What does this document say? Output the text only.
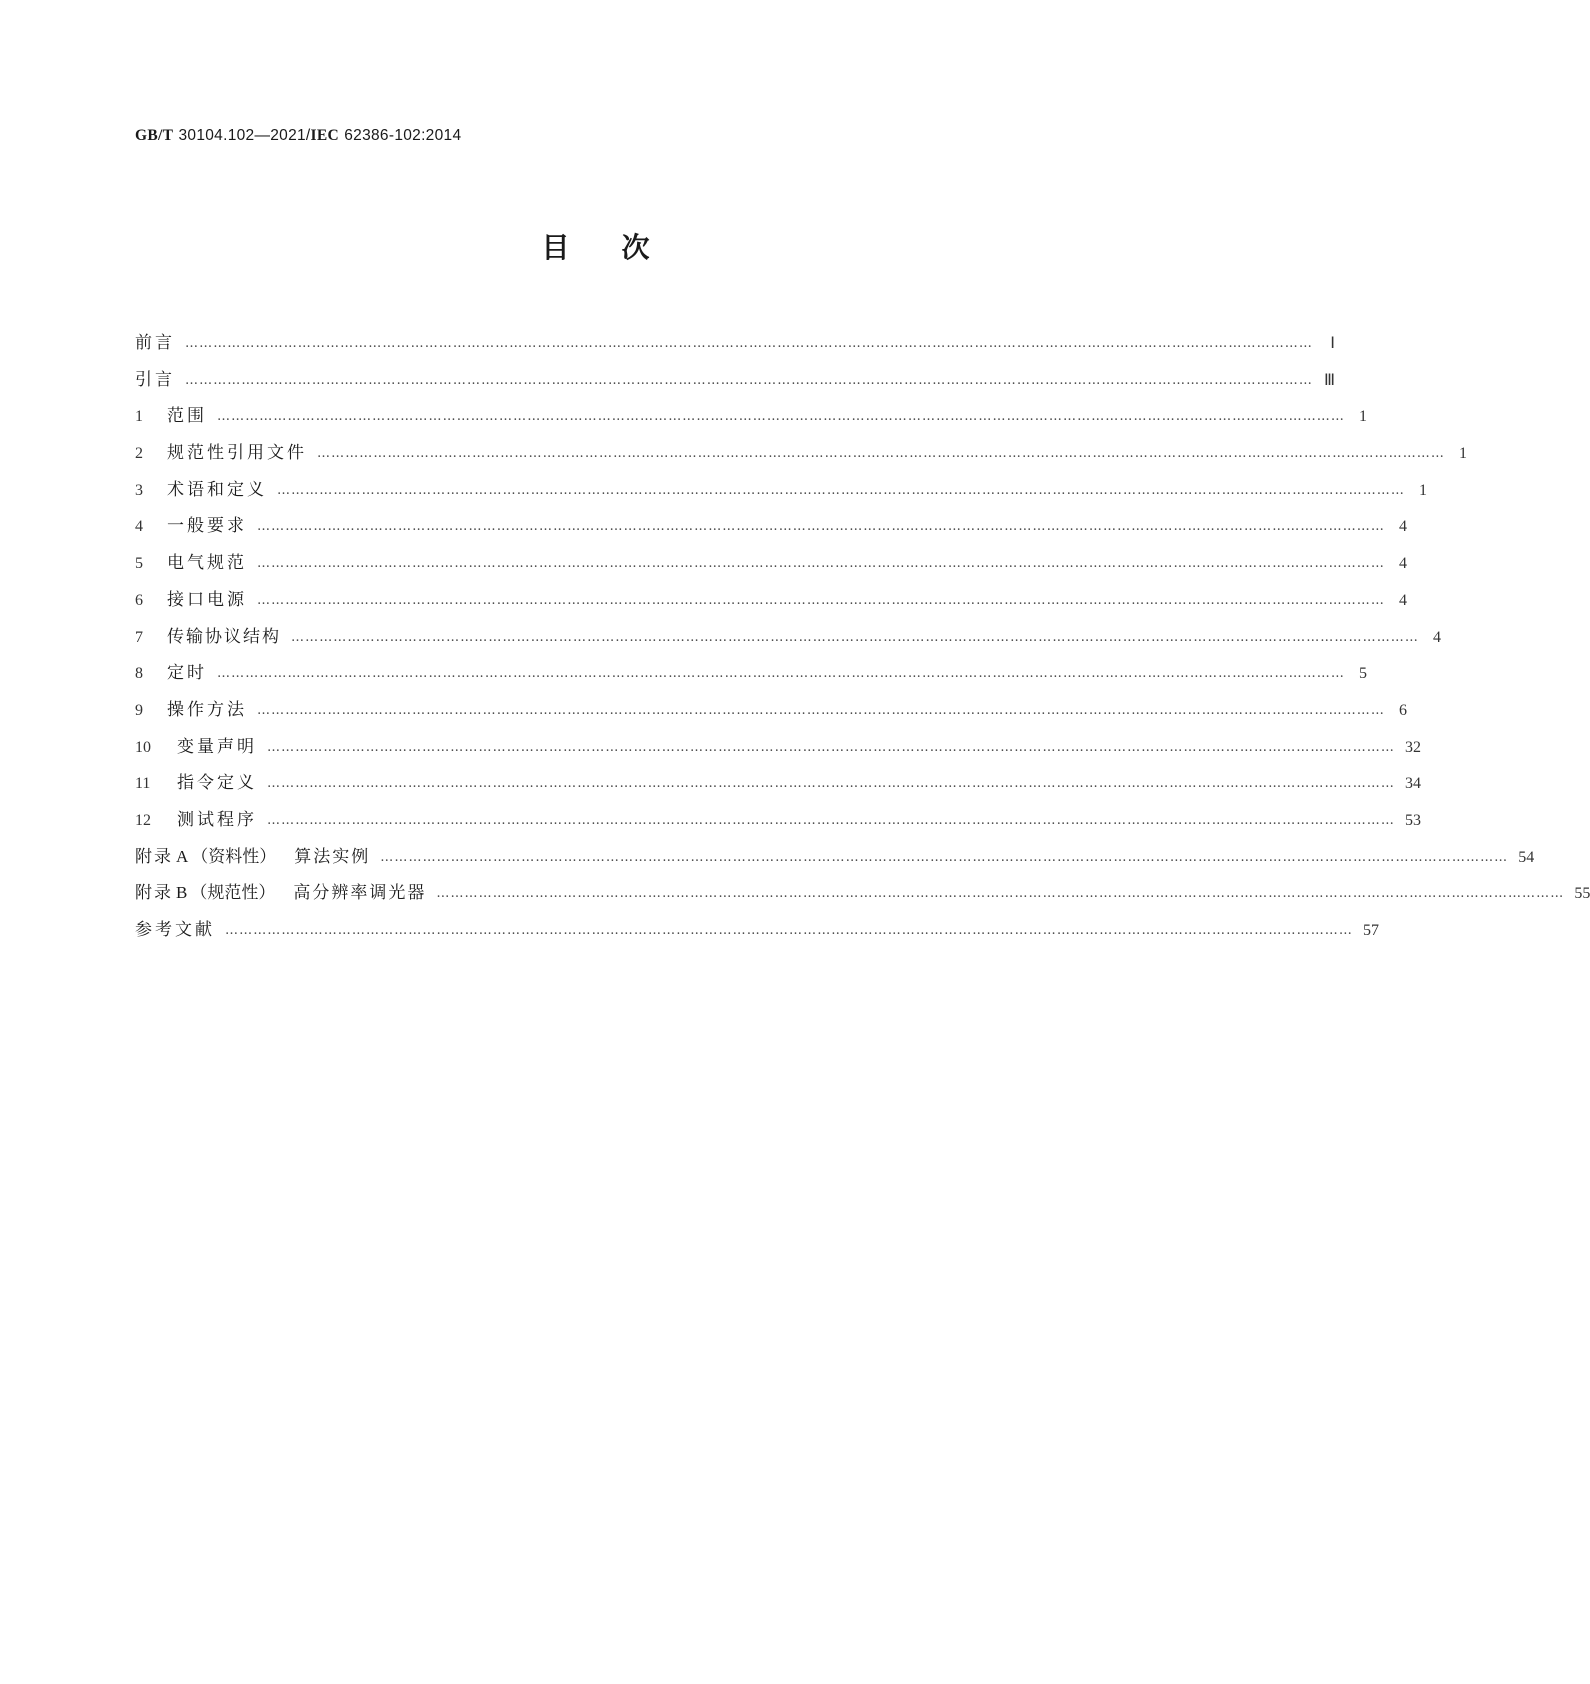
GB/T 30104.102—2021/IEC 62386-102:2014
目次
前言 ……………………………………………………………………………………………………………………………………………………………………………………………………………………	Ⅰ
引言 …………………………………………………………………………………………………………………………………………………………………………………………………………………… Ⅲ
1	范围 …………………………………………………………………………………………………………………………………………………………………………………………………………………… 1
2	规范性引用文件 …………………………………………………………………………………………………………………………………………………………………………………………………………………… 1
3	术语和定义 …………………………………………………………………………………………………………………………………………………………………………………………………………………… 1
4	一般要求 …………………………………………………………………………………………………………………………………………………………………………………………………………………… 4
5	电气规范 …………………………………………………………………………………………………………………………………………………………………………………………………………………… 4
6	接口电源 …………………………………………………………………………………………………………………………………………………………………………………………………………………… 4
7	传输协议结构 …………………………………………………………………………………………………………………………………………………………………………………………………………………… 4
8	定时 …………………………………………………………………………………………………………………………………………………………………………………………………………………… 5
9	操作方法 …………………………………………………………………………………………………………………………………………………………………………………………………………………… 6
10	变量声明 …………………………………………………………………………………………………………………………………………………………………………………………………………………… 32
11	指令定义 …………………………………………………………………………………………………………………………………………………………………………………………………………………… 34
12	测试程序 …………………………………………………………………………………………………………………………………………………………………………………………………………………… 53
附录 A （资料性） 算法实例 …………………………………………………………………………………………………………………………………………………………………………………………………………………… 54
附录 B （规范性） 高分辨率调光器 …………………………………………………………………………………………………………………………………………………………………………………………………………………… 55
参考文献 …………………………………………………………………………………………………………………………………………………………………………………………………………………… 57
